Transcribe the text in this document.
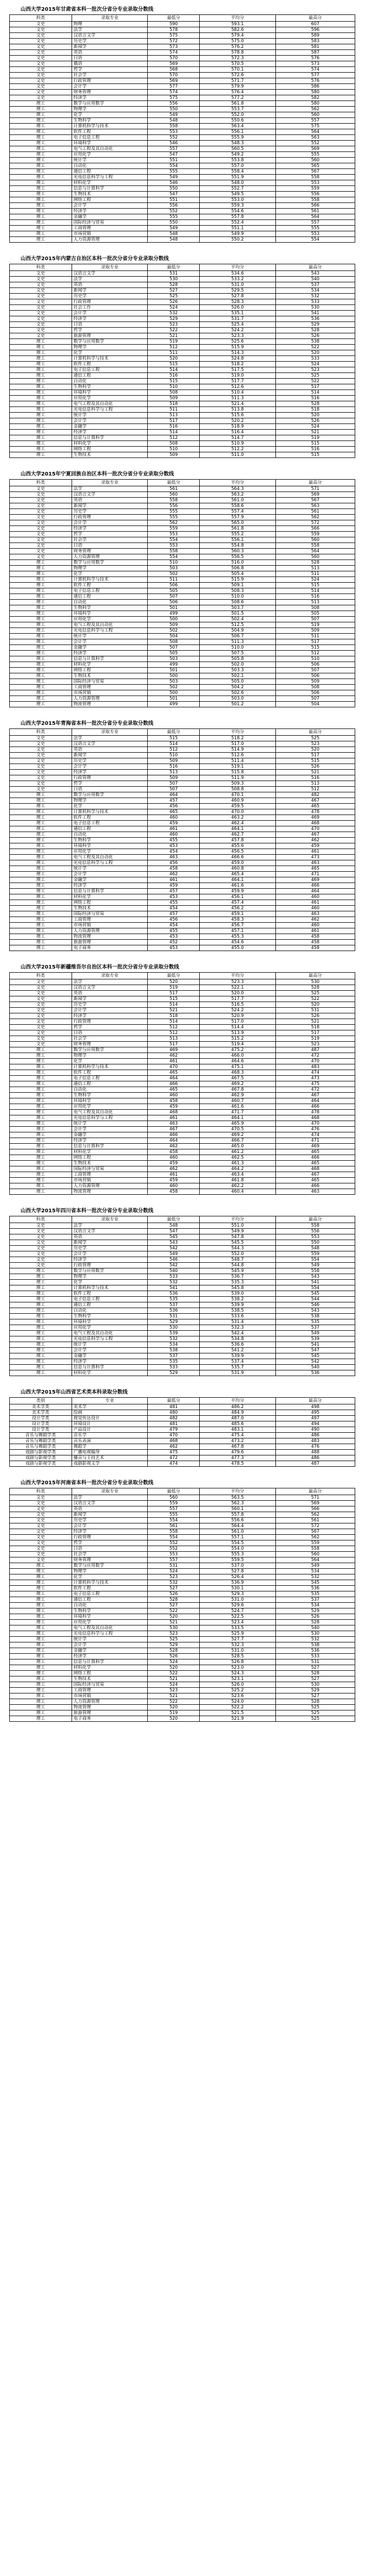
山西大学2015年甘肃省本科一批次分省分专业录取分数线
科类	录取专业	最低分	平均分	最高分
文史	物理	590	593.1	607
文史	法学	578	582.6	596
文史	汉语言文学	575	579.4	589
文史	历史学	572	575.0	583
文史	新闻学	573	576.2	581
文史	英语	574	578.8	587
文史	日语	570	572.3	576
文史	俄语	569	570.5	573
文史	哲学	568	570.1	574
文史	社会学	570	572.6	577
文史	行政管理	569	571.7	576
文史	会计学	577	579.9	586
文史	财务管理	574	576.4	580
文史	经济学	575	577.2	582
理工	数学与应用数学	556	561.8	580
理工	物理学	550	553.7	562
理工	化学	549	552.0	560
理工	生物科学	548	550.6	557
理工	计算机科学与技术	558	563.4	575
理工	软件工程	553	556.1	564
理工	电子信息工程	552	555.9	563
理工	环境科学	546	548.3	552
理工	电气工程及其自动化	557	560.5	569
理工	应用化学	547	549.2	555
理工	统计学	551	553.8	560
理工	自动化	554	557.0	565
理工	通信工程	555	558.4	567
理工	光电信息科学与工程	549	551.9	558
理工	材料化学	546	548.0	553
理工	信息与计算科学	550	552.7	559
理工	生物技术	547	549.5	556
理工	网络工程	551	553.0	558
理工	会计学	556	559.3	566
理工	经济学	552	554.6	561
理工	金融学	555	557.8	564
理工	国际经济与贸易	550	552.4	557
理工	工商管理	549	551.1	555
理工	市场营销	548	549.9	553
理工	人力资源管理	548	550.2	554
山西大学2015年内蒙古自治区本科一批次分省分专业录取分数线
科类	录取专业	最低分	平均分	最高分
文史	汉语言文学	531	534.6	543
文史	法学	530	533.2	540
文史	英语	528	531.0	537
文史	新闻学	527	529.5	534
文史	历史学	525	527.8	532
文史	行政管理	526	528.3	533
文史	社会工作	524	526.0	530
文史	会计学	532	535.1	541
文史	经济学	529	531.7	536
文史	日语	523	525.4	529
文史	哲学	522	524.2	528
文史	旅游管理	521	523.3	526
理工	数学与应用数学	519	525.6	538
理工	物理学	512	515.9	522
理工	化学	511	514.3	520
理工	计算机科学与技术	520	524.8	533
理工	软件工程	515	518.2	524
理工	电子信息工程	514	517.5	523
理工	通信工程	516	519.0	525
理工	自动化	515	517.7	522
理工	生物科学	510	512.6	517
理工	环境科学	508	510.4	514
理工	应用化学	509	511.3	516
理工	电气工程及其自动化	518	521.4	528
理工	光电信息科学与工程	511	513.8	518
理工	统计学	513	515.6	520
理工	会计学	517	520.2	526
理工	金融学	516	518.9	524
理工	经济学	514	516.4	521
理工	信息与计算科学	512	514.7	519
理工	材料化学	508	510.9	515
理工	网络工程	510	512.2	516
理工	生物技术	509	511.0	515
山西大学2015年宁夏回族自治区本科一批次分省分专业录取分数线
科类	录取专业	最低分	平均分	最高分
文史	法学	561	564.3	571
文史	汉语言文学	560	563.2	569
文史	英语	558	561.0	567
文史	新闻学	556	558.6	563
文史	历史学	555	557.4	561
文史	行政管理	555	557.9	562
文史	会计学	562	565.0	572
文史	经济学	559	561.8	566
文史	哲学	553	555.2	559
文史	社会学	554	556.1	560
文史	日语	553	554.8	558
文史	财务管理	558	560.3	564
文史	人力资源管理	554	556.5	560
理工	数学与应用数学	510	516.0	528
理工	物理学	503	506.8	513
理工	化学	502	505.4	511
理工	计算机科学与技术	511	515.9	524
理工	软件工程	506	509.1	515
理工	电子信息工程	505	508.3	514
理工	通信工程	507	510.0	516
理工	自动化	506	508.6	513
理工	生物科学	501	503.7	508
理工	环境科学	499	501.5	505
理工	应用化学	500	502.4	507
理工	电气工程及其自动化	509	512.5	519
理工	光电信息科学与工程	502	504.9	509
理工	统计学	504	506.7	511
理工	会计学	508	511.3	517
理工	金融学	507	510.0	515
理工	经济学	505	507.5	512
理工	信息与计算科学	503	505.8	510
理工	材料化学	499	502.0	506
理工	网络工程	501	503.3	507
理工	生物技术	500	502.1	506
理工	国际经济与贸易	503	505.0	509
理工	工商管理	502	504.2	508
理工	市场营销	500	502.6	506
理工	人力资源管理	501	503.0	507
理工	物流管理	499	501.2	504
山西大学2015年青海省本科一批次分省分专业录取分数线
科类	录取专业	最低分	平均分	最高分
文史	法学	515	518.2	525
文史	汉语言文学	514	517.0	523
文史	英语	512	514.9	520
文史	新闻学	510	512.6	517
文史	历史学	509	511.4	515
文史	会计学	516	519.1	526
文史	经济学	513	515.8	521
文史	行政管理	509	511.9	516
文史	哲学	507	509.3	513
文史	日语	507	508.8	512
理工	数学与应用数学	464	470.1	482
理工	物理学	457	460.9	467
理工	化学	456	459.5	465
理工	计算机科学与技术	465	470.0	478
理工	软件工程	460	463.2	469
理工	电子信息工程	459	462.4	468
理工	通信工程	461	464.1	470
理工	自动化	460	462.7	467
理工	生物科学	455	457.8	462
理工	环境科学	453	455.6	459
理工	应用化学	454	456.5	461
理工	电气工程及其自动化	463	466.6	473
理工	光电信息科学与工程	456	459.0	463
理工	统计学	458	460.8	465
理工	会计学	462	465.4	471
理工	金融学	461	464.1	469
理工	经济学	459	461.6	466
理工	信息与计算科学	457	459.9	464
理工	材料化学	453	456.1	460
理工	网络工程	455	457.4	461
理工	生物技术	454	456.2	460
理工	国际经济与贸易	457	459.1	463
理工	工商管理	456	458.3	462
理工	市场营销	454	456.7	460
理工	人力资源管理	455	457.1	461
理工	物流管理	453	455.3	458
理工	旅游管理	452	454.6	458
理工	电子商务	453	455.0	458
山西大学2015年新疆维吾尔自治区本科一批次分省分专业录取分数线
科类	录取专业	最低分	平均分	最高分
文史	法学	520	523.3	530
文史	汉语言文学	519	522.1	528
文史	英语	517	520.0	525
文史	新闻学	515	517.7	522
文史	历史学	514	516.5	520
文史	会计学	521	524.2	531
文史	经济学	518	520.9	526
文史	行政管理	514	517.0	521
文史	哲学	512	514.4	518
文史	日语	512	513.9	517
文史	社会学	513	515.2	519
文史	财务管理	517	519.4	523
理工	数学与应用数学	469	475.2	487
理工	物理学	462	466.0	472
理工	化学	461	464.6	470
理工	计算机科学与技术	470	475.1	483
理工	软件工程	465	468.3	474
理工	电子信息工程	464	467.5	473
理工	通信工程	466	469.2	475
理工	自动化	465	467.8	472
理工	生物科学	460	462.9	467
理工	环境科学	458	460.7	464
理工	应用化学	459	461.6	466
理工	电气工程及其自动化	468	471.7	478
理工	光电信息科学与工程	461	464.1	468
理工	统计学	463	465.9	470
理工	会计学	467	470.5	476
理工	金融学	466	469.2	474
理工	经济学	464	466.7	471
理工	信息与计算科学	462	465.0	469
理工	材料化学	458	461.2	465
理工	网络工程	460	462.5	466
理工	生物技术	459	461.3	465
理工	国际经济与贸易	462	464.2	468
理工	工商管理	461	463.4	467
理工	市场营销	459	461.8	465
理工	人力资源管理	460	462.2	466
理工	物流管理	458	460.4	463
山西大学2015年四川省本科一批次分省分专业录取分数线
科类	录取专业	最低分	平均分	最高分
文史	法学	548	551.0	558
文史	汉语言文学	547	549.9	556
文史	英语	545	547.8	553
文史	新闻学	543	545.5	550
文史	历史学	542	544.3	548
文史	会计学	549	552.0	559
文史	经济学	546	548.7	554
文史	行政管理	542	544.8	549
理工	数学与应用数学	540	545.9	558
理工	物理学	533	536.7	543
理工	化学	532	535.3	541
理工	计算机科学与技术	541	545.8	554
理工	软件工程	536	539.0	545
理工	电子信息工程	535	538.2	544
理工	通信工程	537	539.9	546
理工	自动化	536	538.5	543
理工	生物科学	531	533.6	538
理工	环境科学	529	531.4	535
理工	应用化学	530	532.3	537
理工	电气工程及其自动化	539	542.4	549
理工	光电信息科学与工程	532	534.8	539
理工	统计学	534	536.6	541
理工	会计学	538	541.2	547
理工	金融学	537	539.9	545
理工	经济学	535	537.4	542
理工	信息与计算科学	533	535.7	540
理工	材料化学	529	531.9	536
山西大学2015年山西省艺术类本科录取分数线
类别	专业	最低分	平均分	最高分
美术学类	美术学	481	486.2	498
美术学类	绘画	480	484.9	495
设计学类	视觉传达设计	482	487.0	497
设计学类	环境设计	481	485.6	494
设计学类	产品设计	479	483.1	490
音乐与舞蹈学类	音乐学	470	475.4	486
音乐与舞蹈学类	音乐表演	468	473.2	483
音乐与舞蹈学类	舞蹈学	462	467.8	476
戏剧与影视学类	广播电视编导	475	479.6	488
戏剧与影视学类	播音与主持艺术	472	477.3	486
戏剧与影视学类	戏剧影视文学	474	478.5	487
山西大学2015年河南省本科一批次分省分专业录取分数线
科类	录取专业	最低分	平均分	最高分
文史	法学	560	563.5	571
文史	汉语言文学	559	562.3	569
文史	英语	557	560.1	566
文史	新闻学	555	557.8	562
文史	历史学	554	556.6	561
文史	会计学	561	564.4	572
文史	经济学	558	561.0	567
文史	行政管理	554	557.1	562
文史	哲学	552	554.5	559
文史	日语	552	554.0	558
文史	社会学	553	555.3	560
文史	财务管理	557	559.5	564
理工	数学与应用数学	531	537.0	549
理工	物理学	524	527.8	534
理工	化学	523	526.4	532
理工	计算机科学与技术	532	536.9	545
理工	软件工程	527	530.1	536
理工	电子信息工程	526	529.3	535
理工	通信工程	528	531.0	537
理工	自动化	527	529.6	534
理工	生物科学	522	524.7	529
理工	环境科学	520	522.5	526
理工	应用化学	521	523.4	528
理工	电气工程及其自动化	530	533.5	540
理工	光电信息科学与工程	523	525.9	530
理工	统计学	525	527.7	532
理工	会计学	529	532.3	538
理工	金融学	528	531.0	536
理工	经济学	526	528.5	533
理工	信息与计算科学	524	526.8	531
理工	材料化学	520	523.0	527
理工	网络工程	522	524.3	528
理工	生物技术	521	523.1	527
理工	国际经济与贸易	524	526.0	530
理工	工商管理	523	525.2	529
理工	市场营销	521	523.6	527
理工	人力资源管理	522	524.0	528
理工	物流管理	520	522.2	525
理工	旅游管理	519	521.5	525
理工	电子商务	520	521.9	525
